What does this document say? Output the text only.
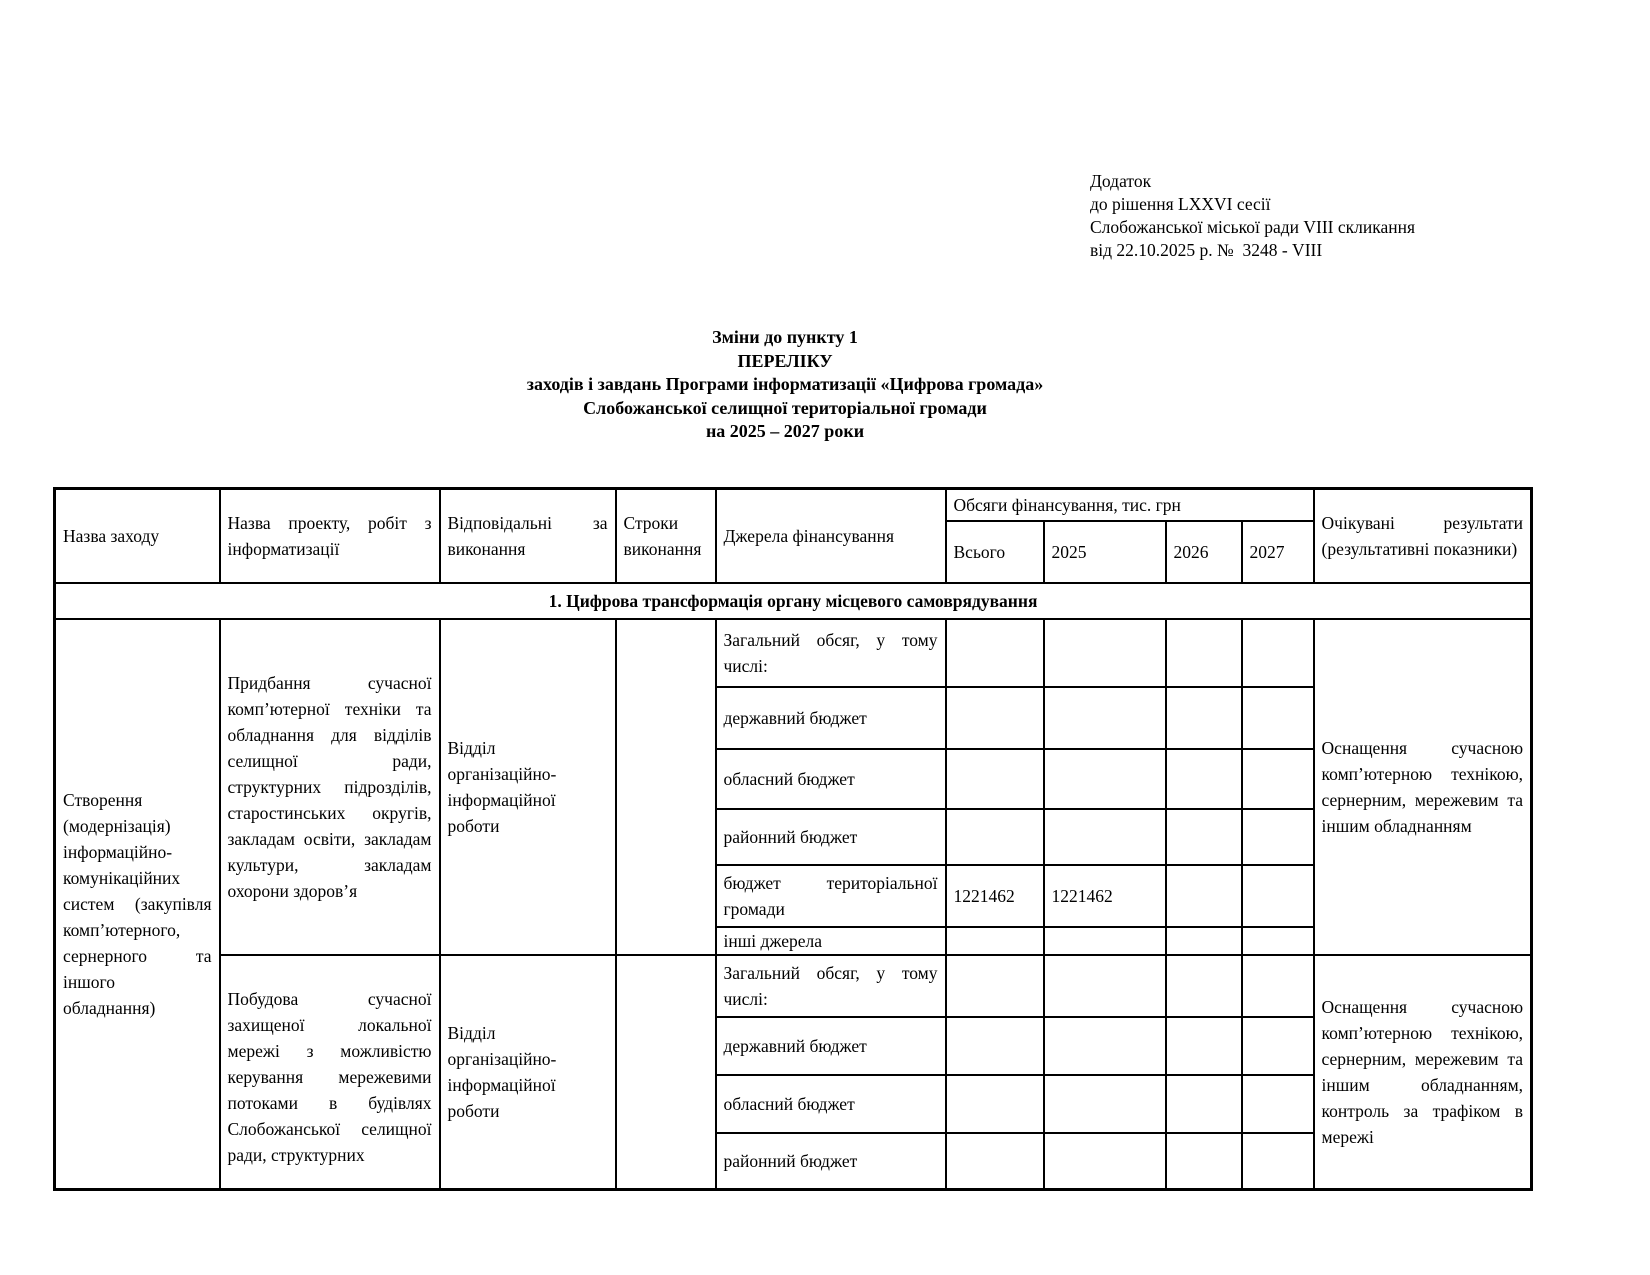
Додаток
до рішення LXXVI сесії
Слобожанської міської ради VIII скликання
від 22.10.2025 р. №  3248 - VIII
Зміни до пункту 1
ПЕРЕЛІКУ
заходів і завдань Програми інформатизації «Цифрова громада»
Слобожанської селищної територіальної громади
на 2025 – 2027 роки
Назва заходу	Назва проекту, робіт з інформатизації	Відповідальні за виконання	Строки виконання	Джерела фінансування	Обсяги фінансування, тис. грн				Очікувані результати (результативні показники)
					Всього	2025	2026	2027	
1. Цифрова трансформація органу місцевого самоврядування									
Створення (модернізація) інформаційно-комунікаційних систем (закупівля комп’ютерного, сернерного та іншого обладнання)	Придбання сучасної комп’ютерної техніки та обладнання для відділів селищної ради, структурних підрозділів, старостинських округів, закладам освіти, закладам культури, закладам охорони здоров’я	Відділ організаційно-інформаційної роботи		Загальний обсяг, у тому числі:					Оснащення сучасною комп’ютерною технікою, сернерним, мережевим та іншим обладнанням
				державний бюджет					
				обласний бюджет					
				районний бюджет					
				бюджет територіальної громади	1221462	1221462			
				інші джерела					
	Побудова сучасної захищеної локальної мережі з можливістю керування мережевими потоками в будівлях Слобожанської селищної ради, структурних	Відділ організаційно-інформаційної роботи		Загальний обсяг, у тому числі:					Оснащення сучасною комп’ютерною технікою, сернерним, мережевим та іншим обладнанням, контроль за трафіком в мережі
				державний бюджет					
				обласний бюджет					
				районний бюджет					
